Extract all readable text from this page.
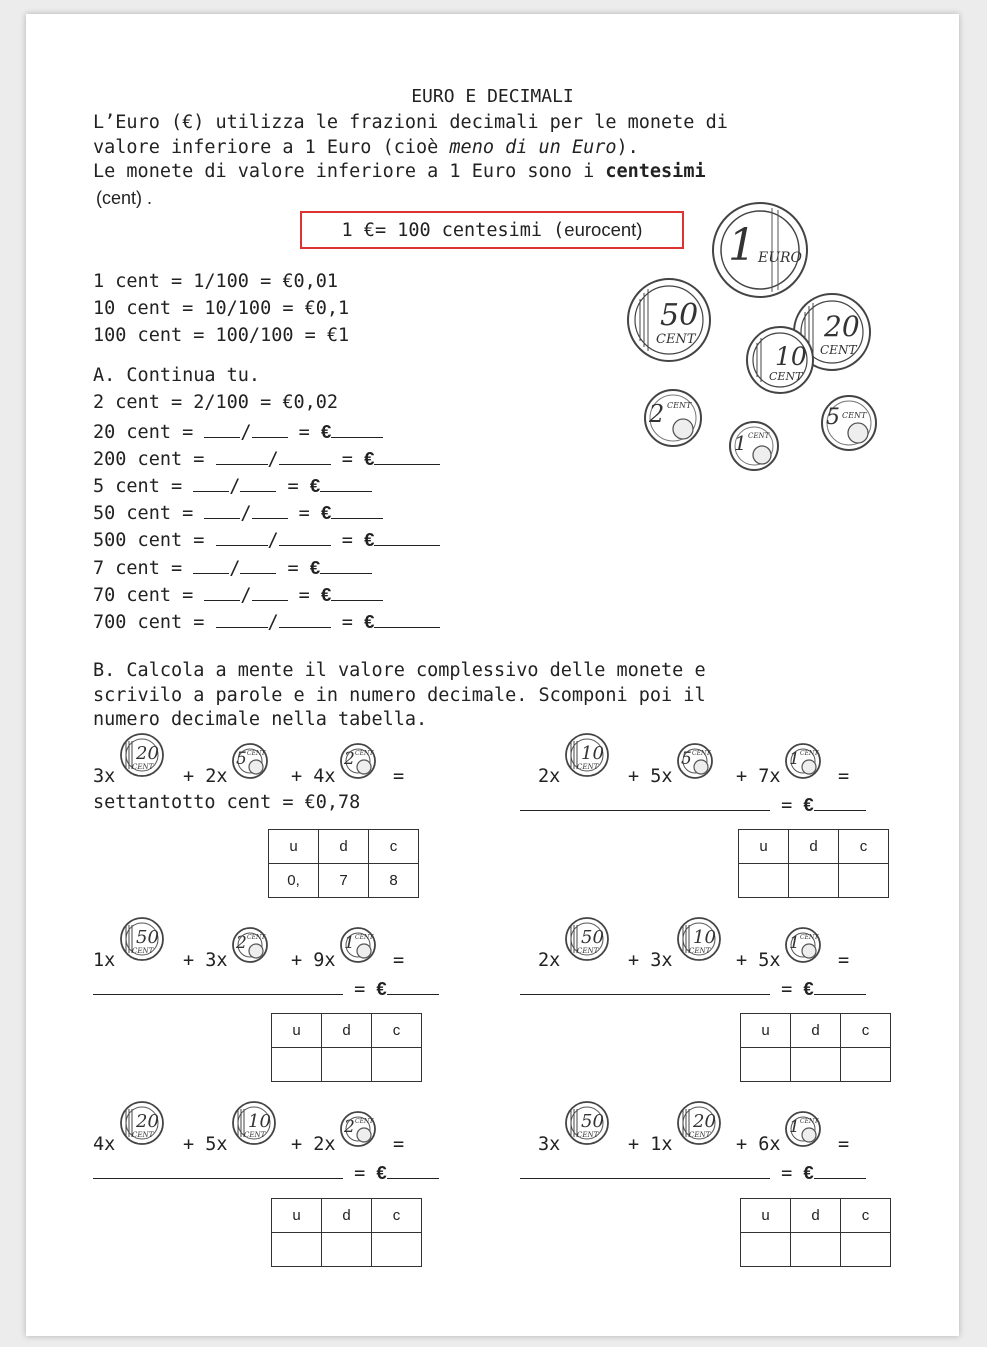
EURO E DECIMALI
L’Euro (€) utilizza le frazioni decimali per le monete di
valore inferiore a 1 Euro (cioè meno di un Euro).
Le monete di valore inferiore a 1 Euro sono i centesimi
(cent) .
1 €= 100 centesimi ( eurocent)
1 cent = 1/100 = €0,01
10 cent = 10/100 = €0,1
100 cent = 100/100 = €1
A. Continua tu.
2 cent = 2/100 = €0,02
20 cent =	/ = €
200 cent =	/	= €
5 cent =	/ = €
50 cent =	/ = €
500 cent =	/	= €
7 cent =	/ = €
70 cent =	/ = €
700 cent =	/	= €
1 EURO
50
CENT	20
CENT
10
CENT
2 CENT	5 CENT
1 CENT
B. Calcola a mente il valore complessivo delle monete e
scrivilo a parole e in numero decimale. Scomponi poi il
numero decimale nella tabella.
3x
20
CENT + 2x
5 CENT
+ 4x
2 CENT
=	2x
10
CENT + 5x
5 CENT
+ 7x
1 CENT
=
1x
50
CENT + 3x
2 CENT
+ 9x
1 CENT
=	2x
50
CENT + 3x
10
CENT + 5x
1 CENT
=
4x
20
CENT + 5x
10
CENT + 2x
2 CENT
=	3x
50
CENT + 1x
20
CENT + 6x
1 CENT
=
settantotto cent = €0,78	= €
= €	= €
= €	= €
u	d	c
0,	7	8
u	d	c

u	d	c
			u	d	c

u	d	c
			u	d	c
